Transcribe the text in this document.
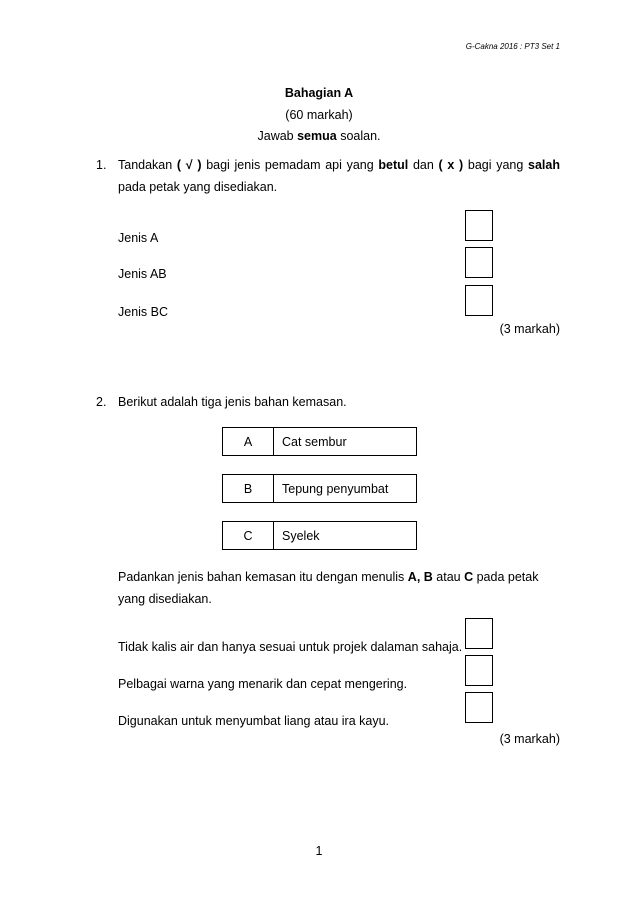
G-Cakna 2016 : PT3 Set 1
Bahagian A
(60 markah)
Jawab semua soalan.
1. Tandakan ( √ ) bagi jenis pemadam api yang betul dan ( x ) bagi yang salah pada petak yang disediakan.
Jenis A
Jenis AB
Jenis BC
(3 markah)
2. Berikut adalah tiga jenis bahan kemasan.
A	Cat sembur
B	Tepung penyumbat
C	Syelek
Padankan jenis bahan kemasan itu dengan menulis A, B atau C pada petak yang disediakan.
Tidak kalis air dan hanya sesuai untuk projek dalaman sahaja.
Pelbagai warna yang menarik dan cepat mengering.
Digunakan untuk menyumbat liang atau ira kayu.
(3 markah)
1
